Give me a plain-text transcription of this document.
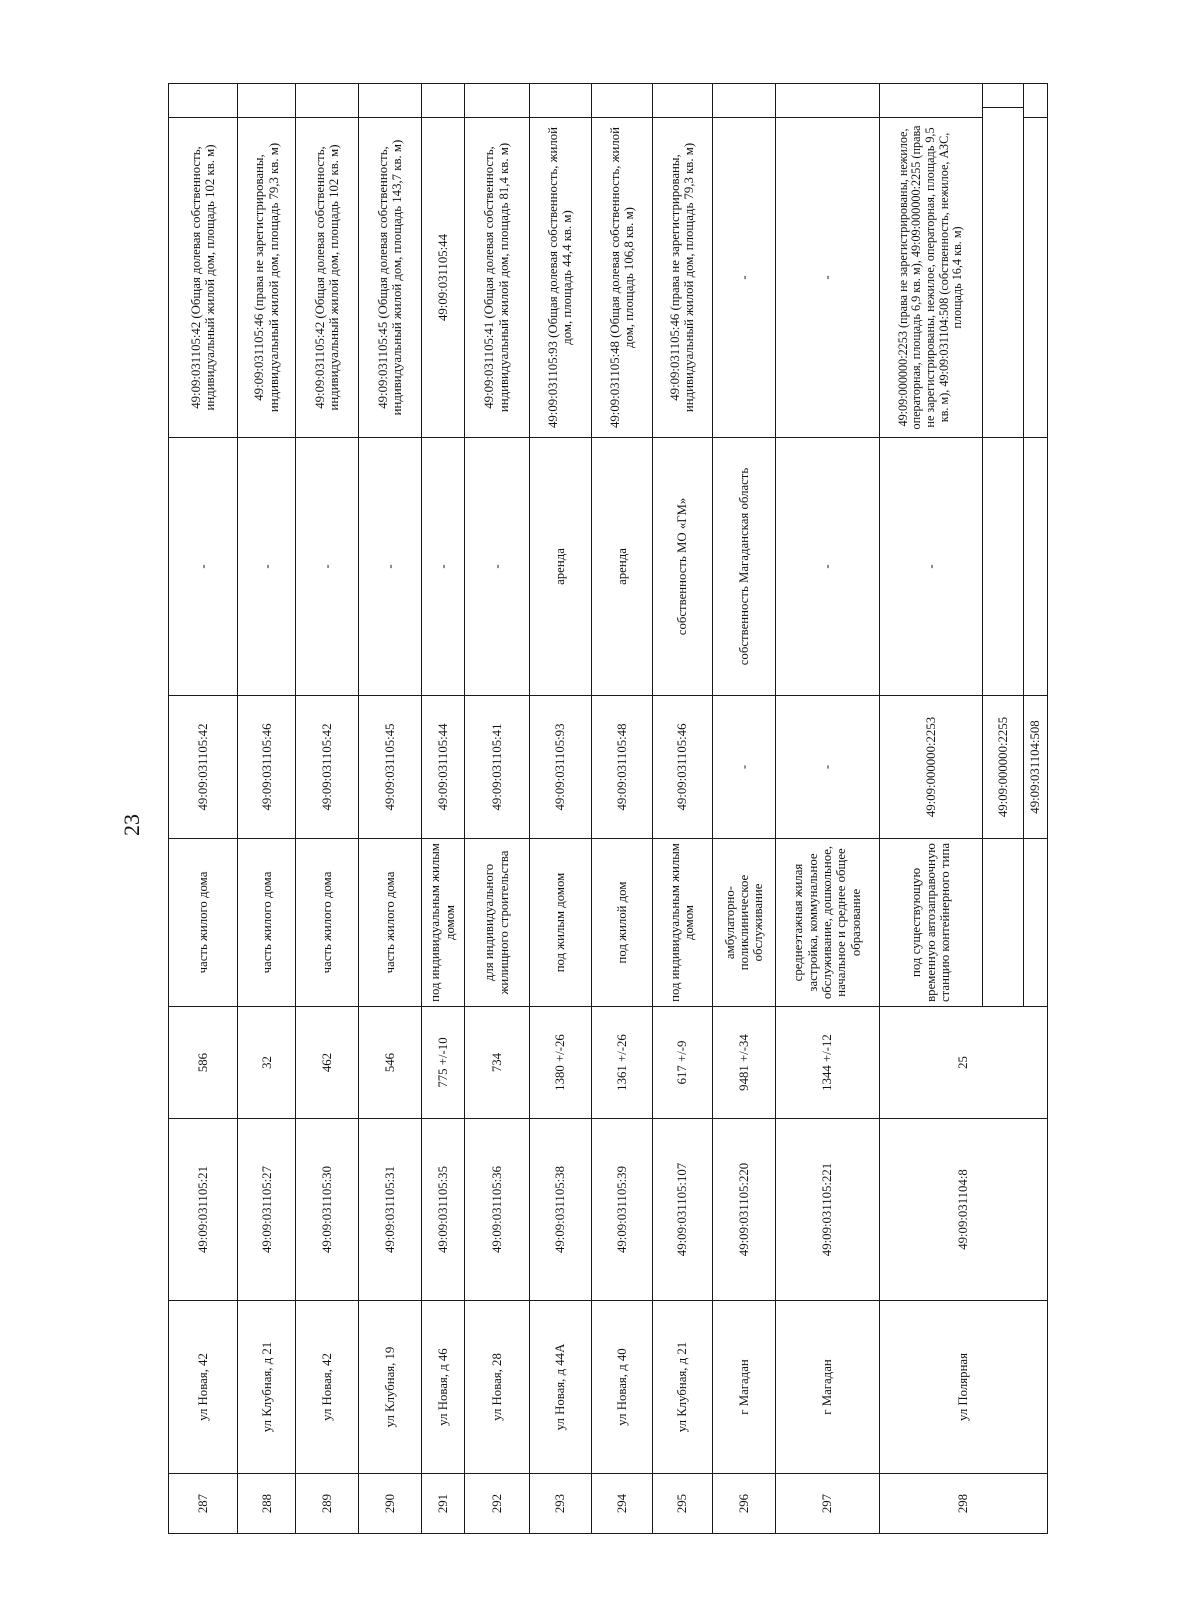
23
287	ул Новая, 42	49:09:031105:21	586	часть жилого дома	49:09:031105:42	-	49:09:031105:42 (Общая долевая собственность, индивидуальный жилой дом, площадь 102 кв. м)		
288	ул Клубная, д 21	49:09:031105:27	32	часть жилого дома	49:09:031105:46	-	49:09:031105:46 (права не зарегистрированы, индивидуальный жилой дом, площадь 79,3 кв. м)		
289	ул Новая, 42	49:09:031105:30	462	часть жилого дома	49:09:031105:42	-	49:09:031105:42 (Общая долевая собственность, индивидуальный жилой дом, площадь 102 кв. м)		
290	ул Клубная, 19	49:09:031105:31	546	часть жилого дома	49:09:031105:45	-	49:09:031105:45 (Общая долевая собственность, индивидуальный жилой дом, площадь 143,7 кв. м)		
291	ул Новая, д 46	49:09:031105:35	775 +/-10	под индивидуальным жилым домом	49:09:031105:44	-	49:09:031105:44		
292	ул Новая, 28	49:09:031105:36	734	для индивидуального жилищного строительства	49:09:031105:41	-	49:09:031105:41 (Общая долевая собственность, индивидуальный жилой дом, площадь 81,4 кв. м)		
293	ул Новая, д 44А	49:09:031105:38	1380 +/-26	под жилым домом	49:09:031105:93	аренда	49:09:031105:93 (Общая долевая собственность, жилой дом, площадь 44,4 кв. м)		
294	ул Новая, д 40	49:09:031105:39	1361 +/-26	под жилой дом	49:09:031105:48	аренда	49:09:031105:48 (Общая долевая собственность, жилой дом, площадь 106,8 кв. м)		
295	ул Клубная, д 21	49:09:031105:107	617 +/-9	под индивидуальным жилым домом	49:09:031105:46	собственность МО «ГМ»	49:09:031105:46 (права не зарегистрированы, индивидуальный жилой дом, площадь 79,3 кв. м)		
296	г Магадан	49:09:031105:220	9481 +/-34	амбулаторно-поликлиническое обслуживание	-	собственность Магаданская область	-		
297	г Магадан	49:09:031105:221	1344 +/-12	среднеэтажная жилая застройка, коммунальное обслуживание, дошкольное, начальное и среднее общее образование	-	-	-		
298	ул Полярная	49:09:031104:8	25	под существующую временную автозаправочную станцию контейнерного типа	49:09:000000:2253	-	49:09:000000:2253 (права не зарегистрированы, нежилое, операторная, площадь 6,9 кв. м), 49:09:000000:2255 (права не зарегистрированы, нежилое, операторная, площадь 9,5 кв. м), 49:09:031104:508 (собственность, нежилое, АЗС, площадь 16,4 кв. м)		
					49:09:000000:2255				
					49:09:031104:508				
